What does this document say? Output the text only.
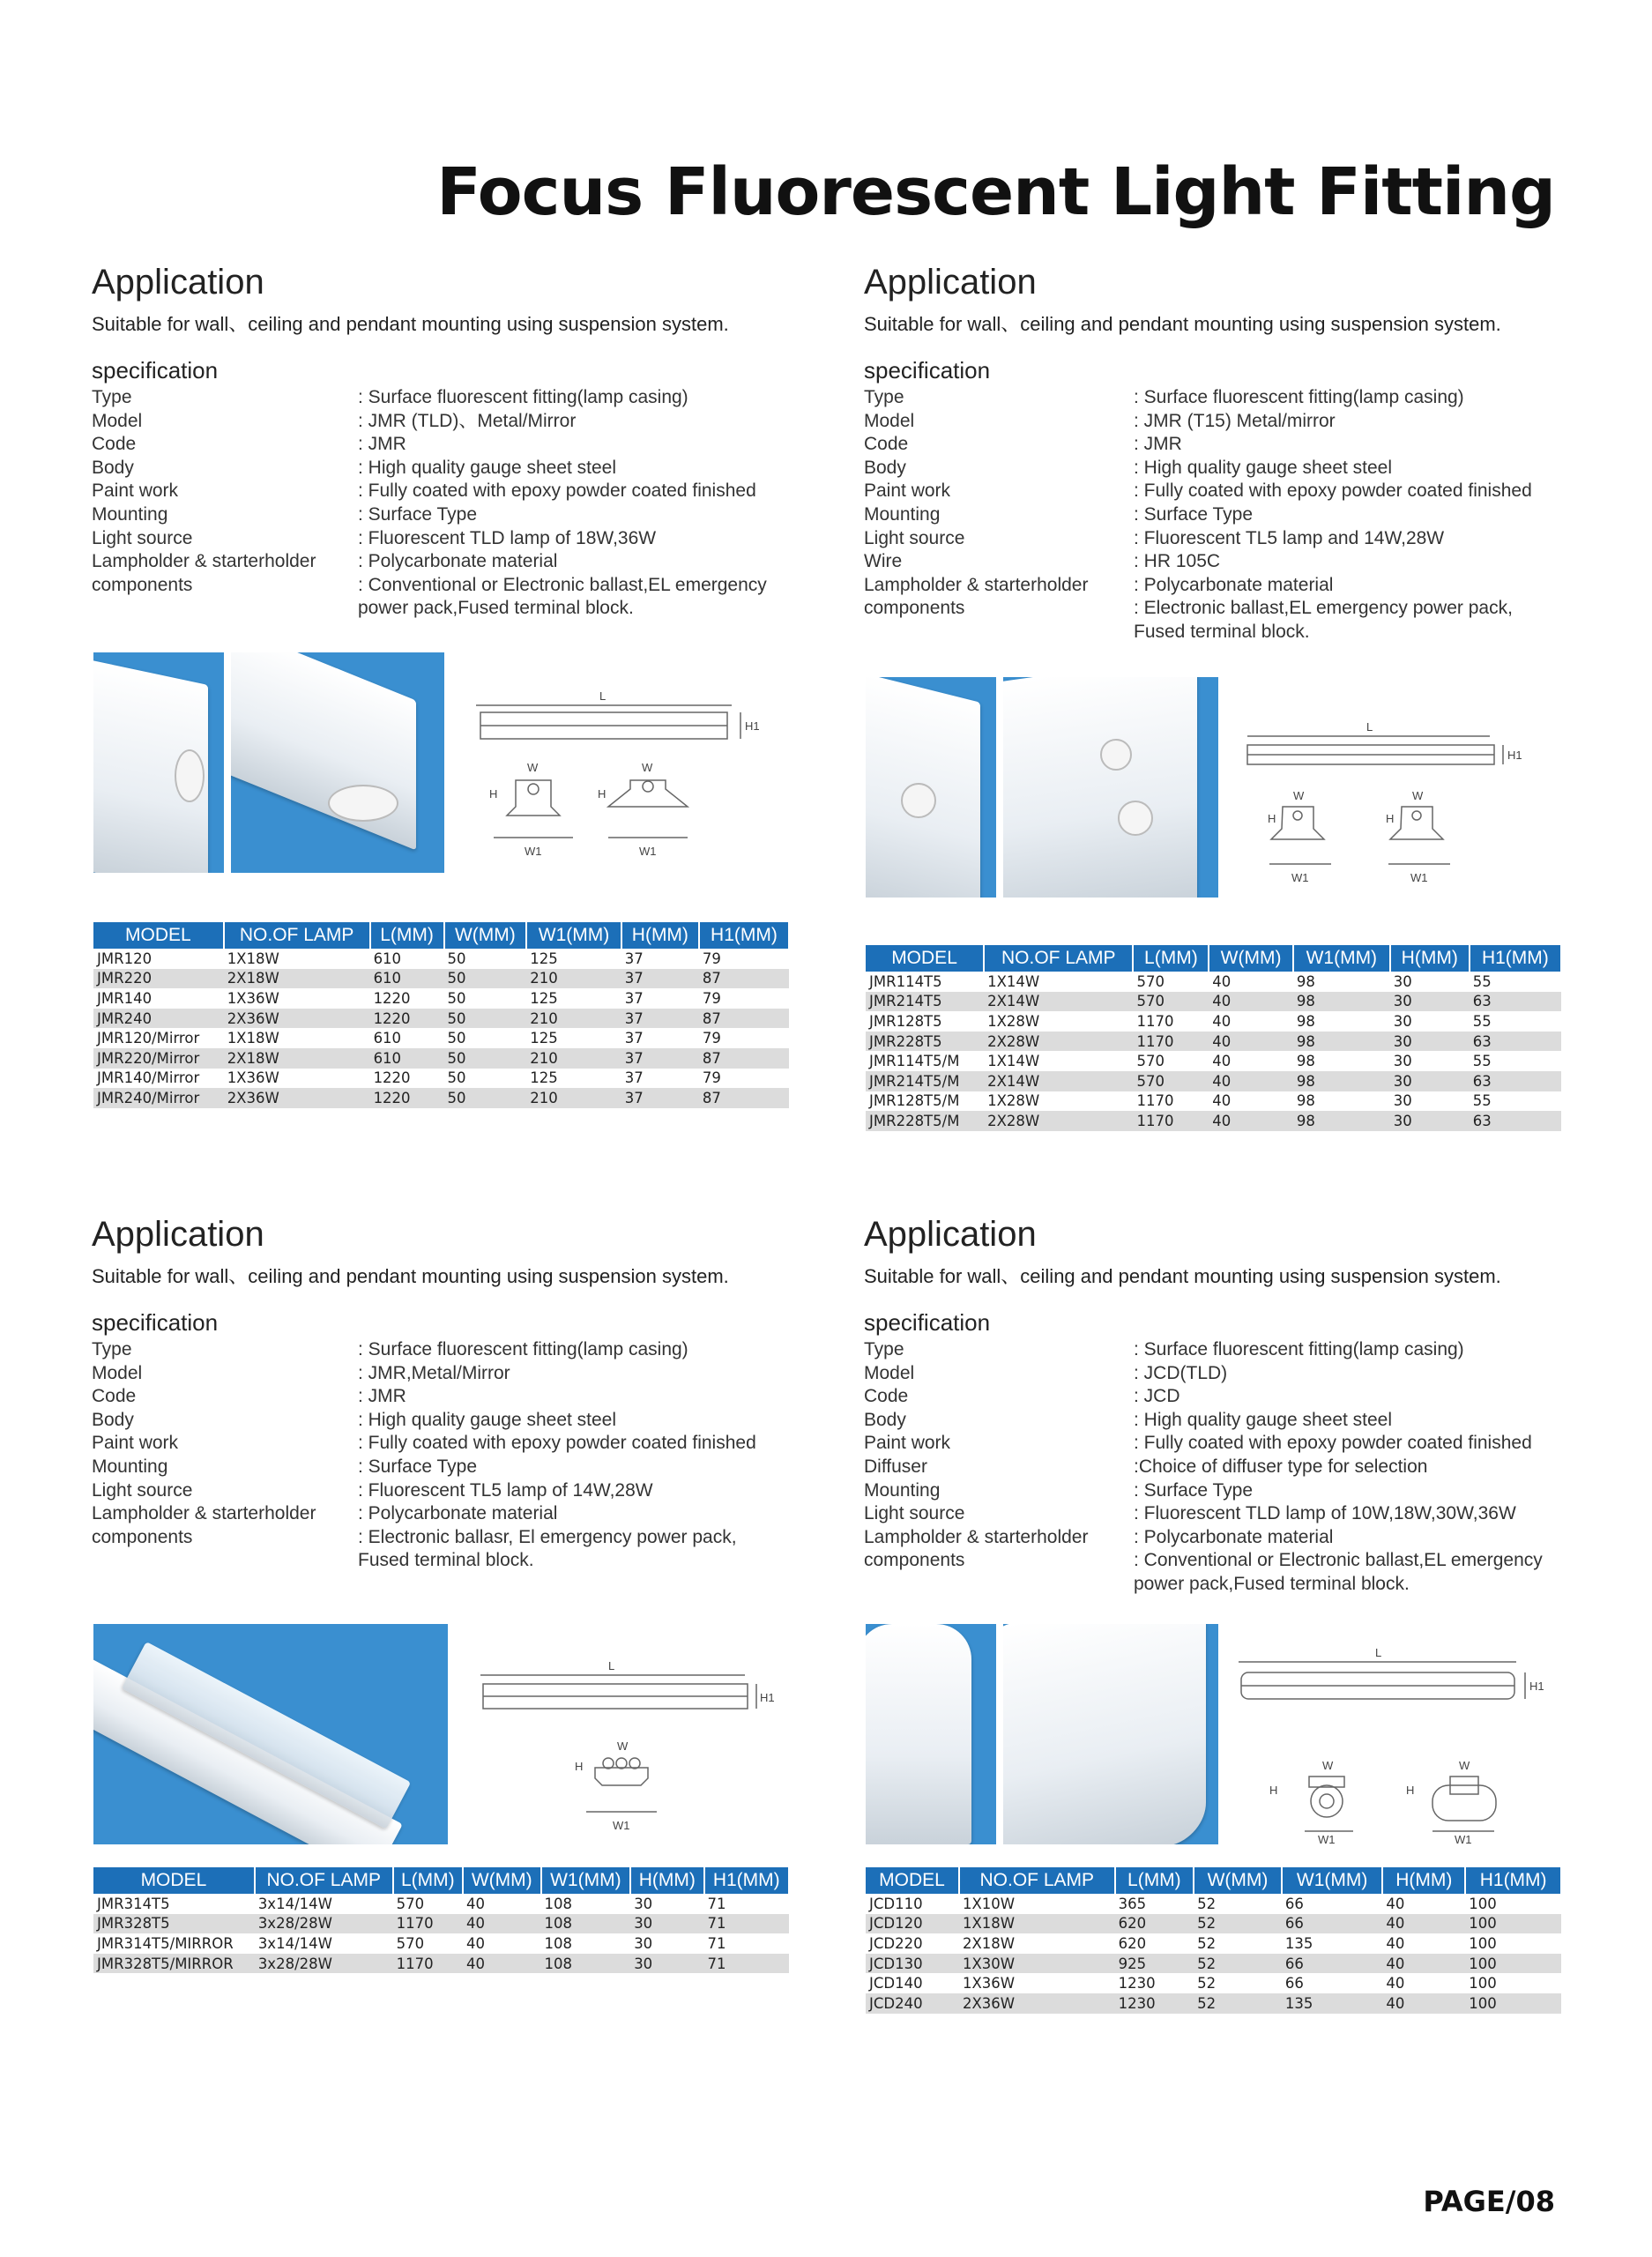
Focus Fluorescent Light Fitting
Application
Suitable for wall、ceiling and pendant mounting using suspension system.
specification
Type	: Surface fluorescent fitting(lamp casing)
Model	: JMR (TLD)、Metal/Mirror
Code	: JMR
Body	: High quality gauge sheet steel
Paint work	: Fully coated with epoxy powder coated finished
Mounting	: Surface Type
Light source	: Fluorescent TLD lamp of 18W,36W
Lampholder & starterholder	: Polycarbonate material
components	: Conventional or Electronic ballast,EL emergency
power pack,Fused terminal block.
L
H1
W	W
H	H
W1	W1
MODEL	NO.OF LAMP	L(MM)	W(MM)	W1(MM)	H(MM)	H1(MM)
JMR120	1X18W	610	50	125	37	79
JMR220	2X18W	610	50	210	37	87
JMR140	1X36W	1220	50	125	37	79
JMR240	2X36W	1220	50	210	37	87
JMR120/Mirror	1X18W	610	50	125	37	79
JMR220/Mirror	2X18W	610	50	210	37	87
JMR140/Mirror	1X36W	1220	50	125	37	79
JMR240/Mirror	2X36W	1220	50	210	37	87
Application
Suitable for wall、ceiling and pendant mounting using suspension system.
specification
Type	: Surface fluorescent fitting(lamp casing)
Model	: JMR (T15) Metal/mirror
Code	: JMR
Body	: High quality gauge sheet steel
Paint work	: Fully coated with epoxy powder coated finished
Mounting	: Surface Type
Light source	: Fluorescent TL5 lamp and 14W,28W
Wire	: HR 105C
Lampholder & starterholder	: Polycarbonate material
components	: Electronic ballast,EL emergency power pack,
Fused terminal block.
L
H1
W	W
H	H
W1	W1
MODEL	NO.OF LAMP	L(MM)	W(MM)	W1(MM)	H(MM)	H1(MM)
JMR114T5	1X14W	570	40	98	30	55
JMR214T5	2X14W	570	40	98	30	63
JMR128T5	1X28W	1170	40	98	30	55
JMR228T5	2X28W	1170	40	98	30	63
JMR114T5/M	1X14W	570	40	98	30	55
JMR214T5/M	2X14W	570	40	98	30	63
JMR128T5/M	1X28W	1170	40	98	30	55
JMR228T5/M	2X28W	1170	40	98	30	63
Application
Suitable for wall、ceiling and pendant mounting using suspension system.
specification
Type	: Surface fluorescent fitting(lamp casing)
Model	: JMR,Metal/Mirror
Code	: JMR
Body	: High quality gauge sheet steel
Paint work	: Fully coated with epoxy powder coated finished
Mounting	: Surface Type
Light source	: Fluorescent TL5 lamp of 14W,28W
Lampholder & starterholder	: Polycarbonate material
components	: Electronic ballasr, El emergency power pack,
Fused terminal block.
L
H1
W
H
W1
MODEL	NO.OF LAMP	L(MM)	W(MM)	W1(MM)	H(MM)	H1(MM)
JMR314T5	3x14/14W	570	40	108	30	71
JMR328T5	3x28/28W	1170	40	108	30	71
JMR314T5/MIRROR	3x14/14W	570	40	108	30	71
JMR328T5/MIRROR	3x28/28W	1170	40	108	30	71
Application
Suitable for wall、ceiling and pendant mounting using suspension system.
specification
Type	: Surface fluorescent fitting(lamp casing)
Model	: JCD(TLD)
Code	: JCD
Body	: High quality gauge sheet steel
Paint work	: Fully coated with epoxy powder coated finished
Diffuser	:Choice of diffuser type for selection
Mounting	: Surface Type
Light source	: Fluorescent TLD lamp of 10W,18W,30W,36W
Lampholder & starterholder	: Polycarbonate material
components	: Conventional or Electronic ballast,EL emergency
power pack,Fused terminal block.
L
H1
W	W
H	H
W1	W1
MODEL	NO.OF LAMP	L(MM)	W(MM)	W1(MM)	H(MM)	H1(MM)
JCD110	1X10W	365	52	66	40	100
JCD120	1X18W	620	52	66	40	100
JCD220	2X18W	620	52	135	40	100
JCD130	1X30W	925	52	66	40	100
JCD140	1X36W	1230	52	66	40	100
JCD240	2X36W	1230	52	135	40	100
PAGE/08
